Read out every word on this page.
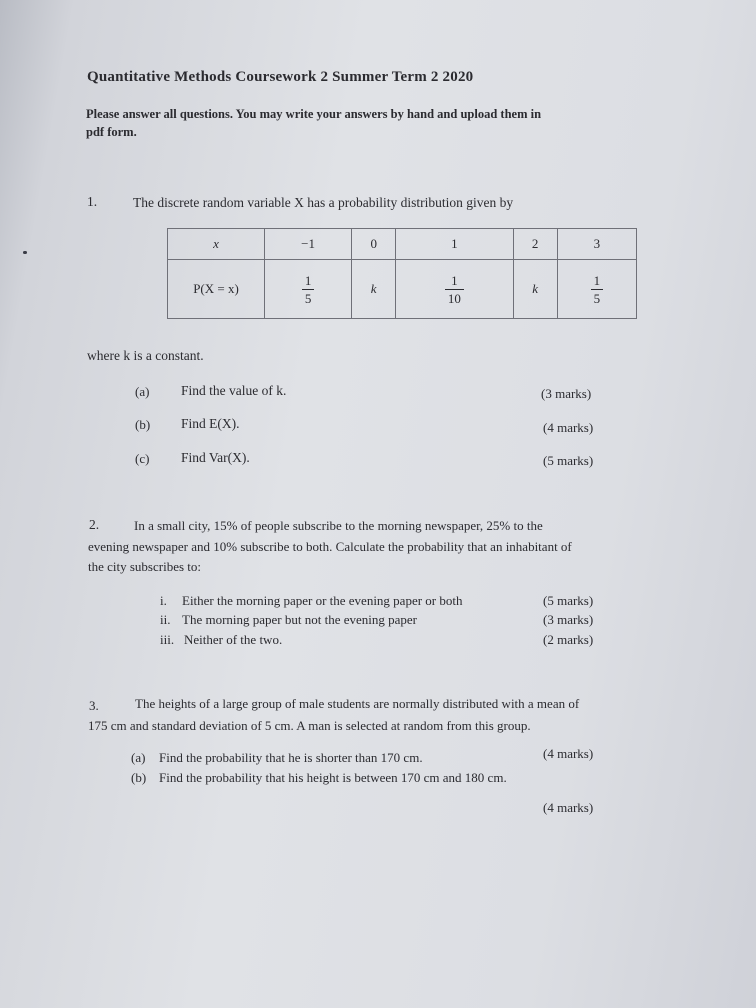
Quantitative Methods Coursework 2 Summer Term 2 2020
Please answer all questions. You may write your answers by hand and upload them in
pdf form.
1.	The discrete random variable X has a probability distribution given by
x	−1	0	1	2	3
P(X = x)	$\frac{1}{5}$	k	$\frac{1}{10}$	k	$\frac{1}{5}$
where k is a constant.
(a) Find the value of k.	(3 marks)
(b) Find E(X).	(4 marks)
(c) Find Var(X).	(5 marks)
2.	In a small city, 15% of people subscribe to the morning newspaper, 25% to the
evening newspaper and 10% subscribe to both. Calculate the probability that an inhabitant of
the city subscribes to:
i. Either the morning paper or the evening paper or both	(5 marks)
ii. The morning paper but not the evening paper	(3 marks)
iii. Neither of the two.	(2 marks)
3.	The heights of a large group of male students are normally distributed with a mean of
175 cm and standard deviation of 5 cm. A man is selected at random from this group.
(a) Find the probability that he is shorter than 170 cm.	(4 marks)
(b) Find the probability that his height is between 170 cm and 180 cm.
(4 marks)
